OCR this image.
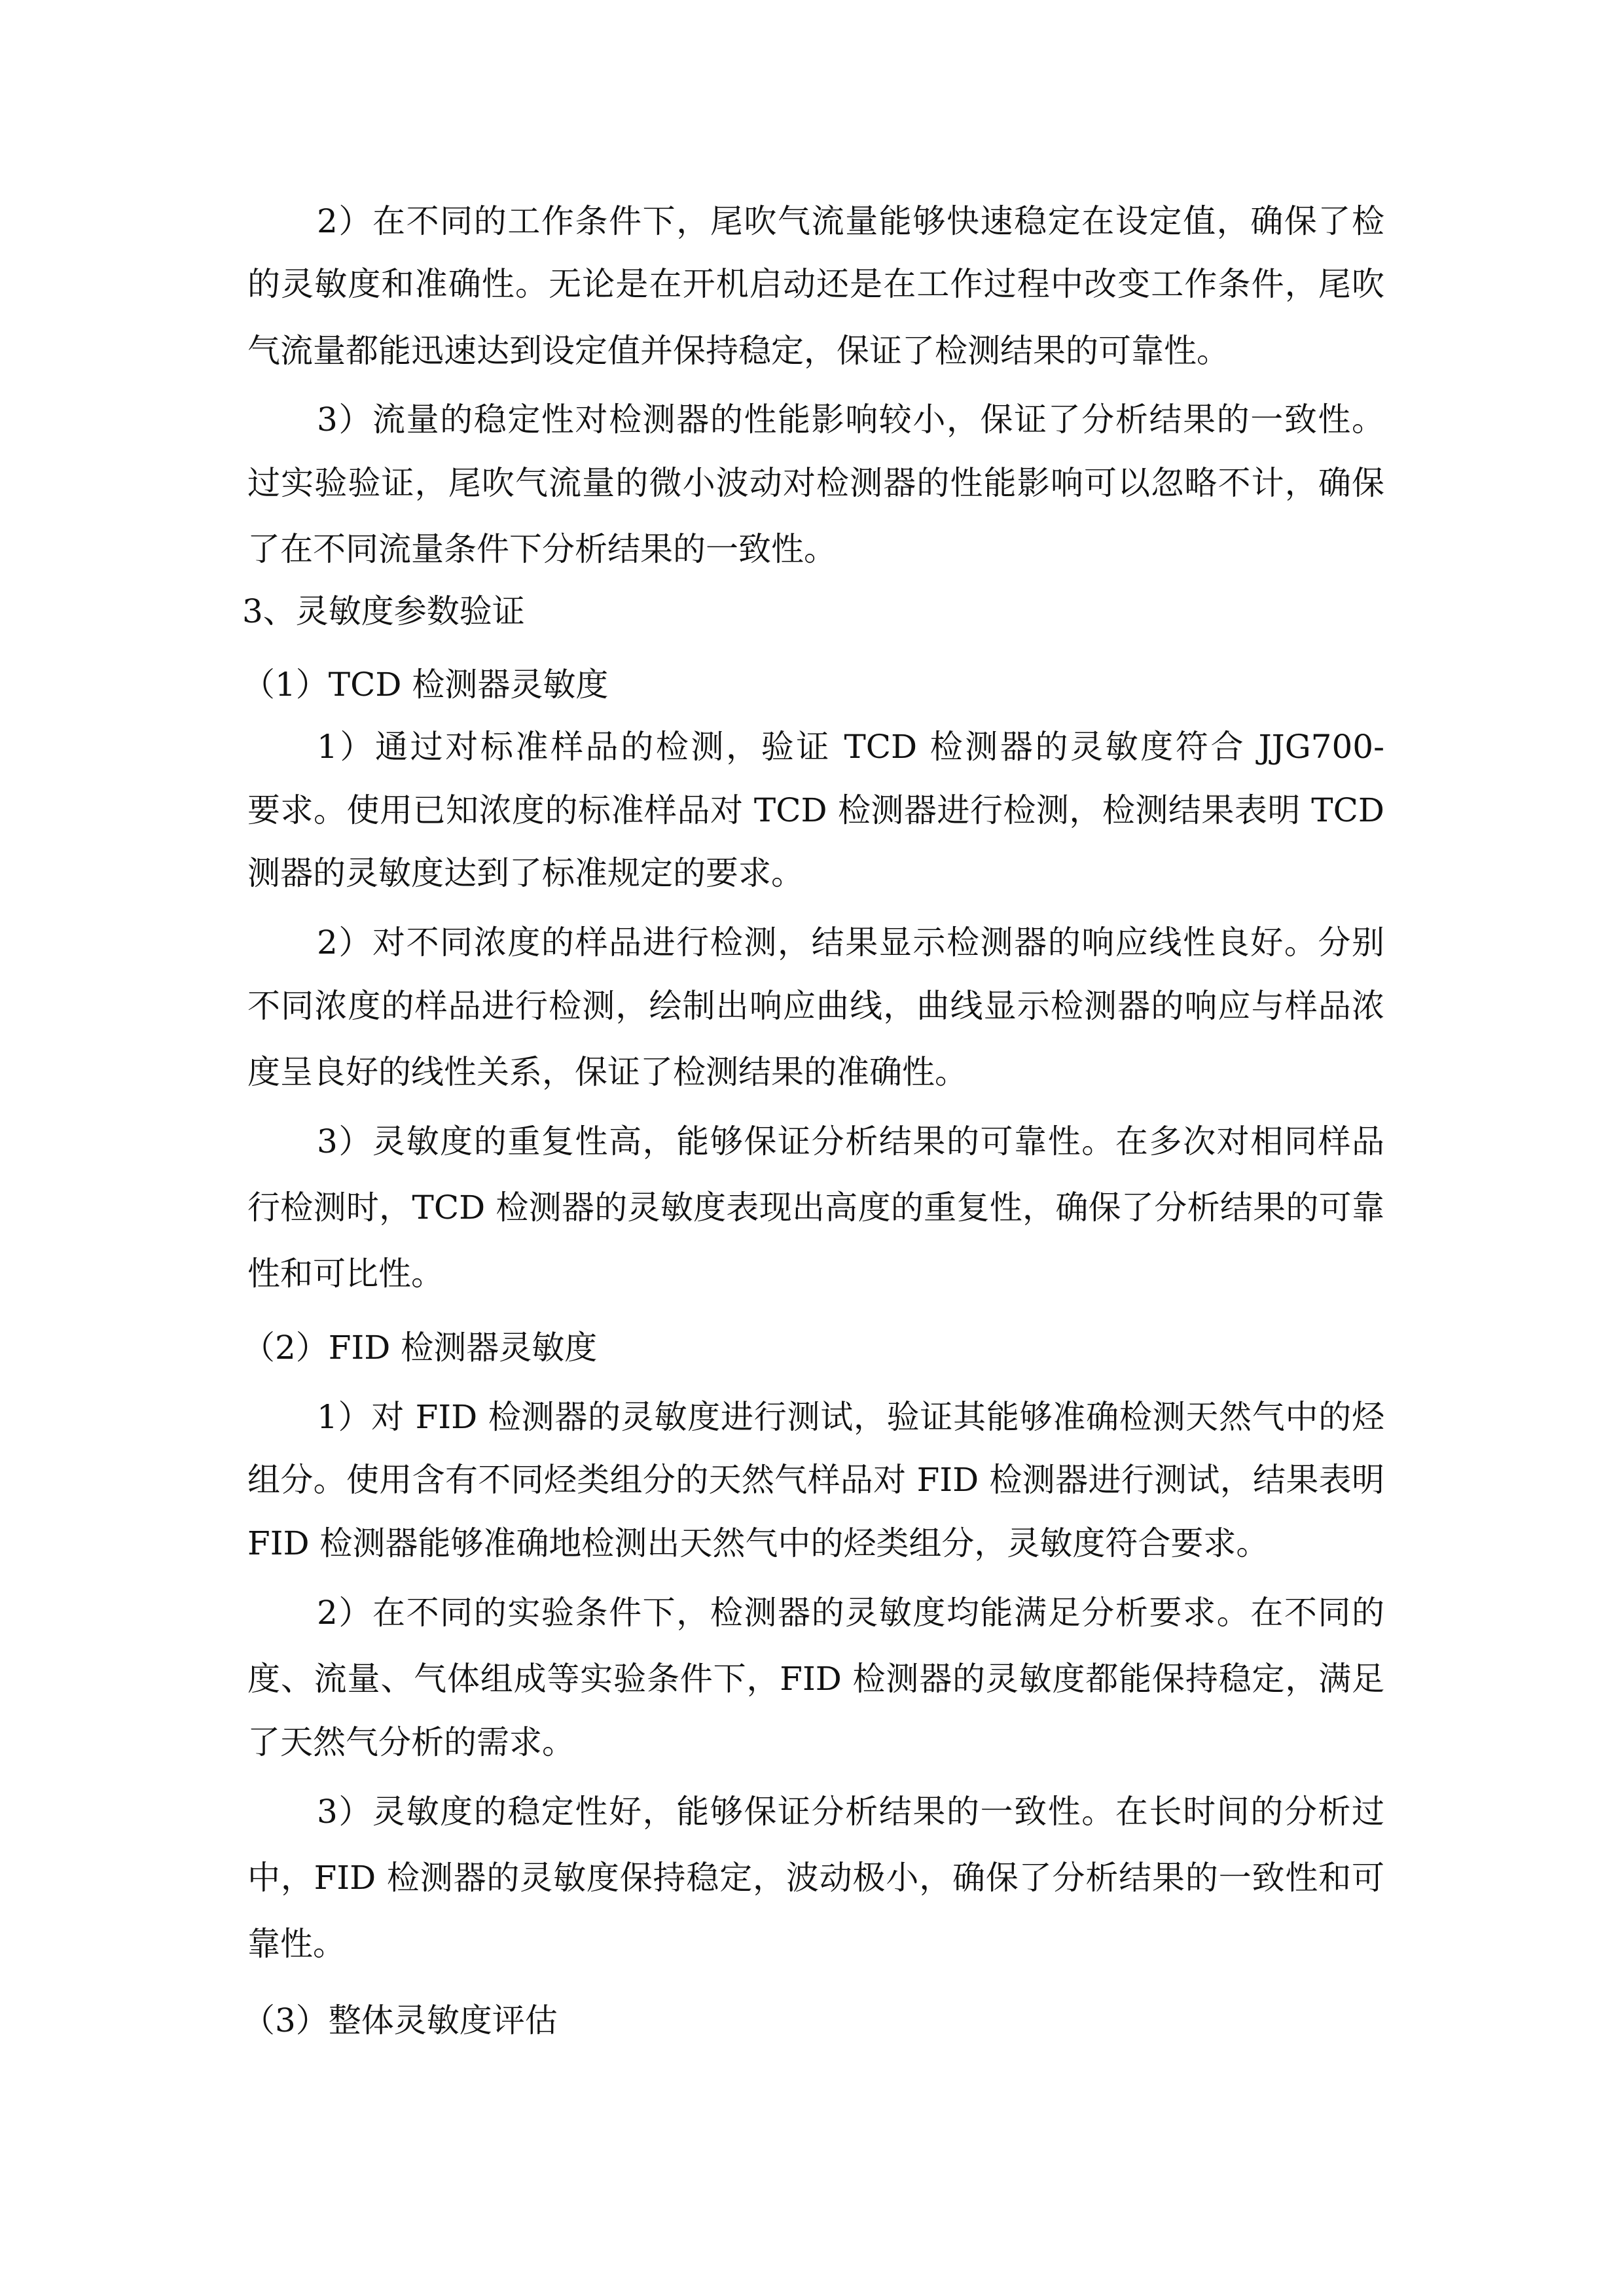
2）在不同的工作条件下，尾吹气流量能够快速稳定在设定值，确保了检
的灵敏度和准确性。无论是在开机启动还是在工作过程中改变工作条件，尾吹
气流量都能迅速达到设定值并保持稳定，保证了检测结果的可靠性。
3）流量的稳定性对检测器的性能影响较小，保证了分析结果的一致性。
过实验验证，尾吹气流量的微小波动对检测器的性能影响可以忽略不计，确保
了在不同流量条件下分析结果的一致性。
3、灵敏度参数验证
（1）TCD 检测器灵敏度
1）通过对标准样品的检测，验证 TCD 检测器的灵敏度符合 JJG700-
要求。使用已知浓度的标准样品对 TCD 检测器进行检测，检测结果表明 TCD
测器的灵敏度达到了标准规定的要求。
2）对不同浓度的样品进行检测，结果显示检测器的响应线性良好。分别
不同浓度的样品进行检测，绘制出响应曲线，曲线显示检测器的响应与样品浓
度呈良好的线性关系，保证了检测结果的准确性。
3）灵敏度的重复性高，能够保证分析结果的可靠性。在多次对相同样品
行检测时，TCD 检测器的灵敏度表现出高度的重复性，确保了分析结果的可靠
性和可比性。
（2）FID 检测器灵敏度
1）对 FID 检测器的灵敏度进行测试，验证其能够准确检测天然气中的烃
组分。使用含有不同烃类组分的天然气样品对 FID 检测器进行测试，结果表明
FID 检测器能够准确地检测出天然气中的烃类组分，灵敏度符合要求。
2）在不同的实验条件下，检测器的灵敏度均能满足分析要求。在不同的
度、流量、气体组成等实验条件下，FID 检测器的灵敏度都能保持稳定，满足
了天然气分析的需求。
3）灵敏度的稳定性好，能够保证分析结果的一致性。在长时间的分析过
中，FID 检测器的灵敏度保持稳定，波动极小，确保了分析结果的一致性和可
靠性。
（3）整体灵敏度评估
